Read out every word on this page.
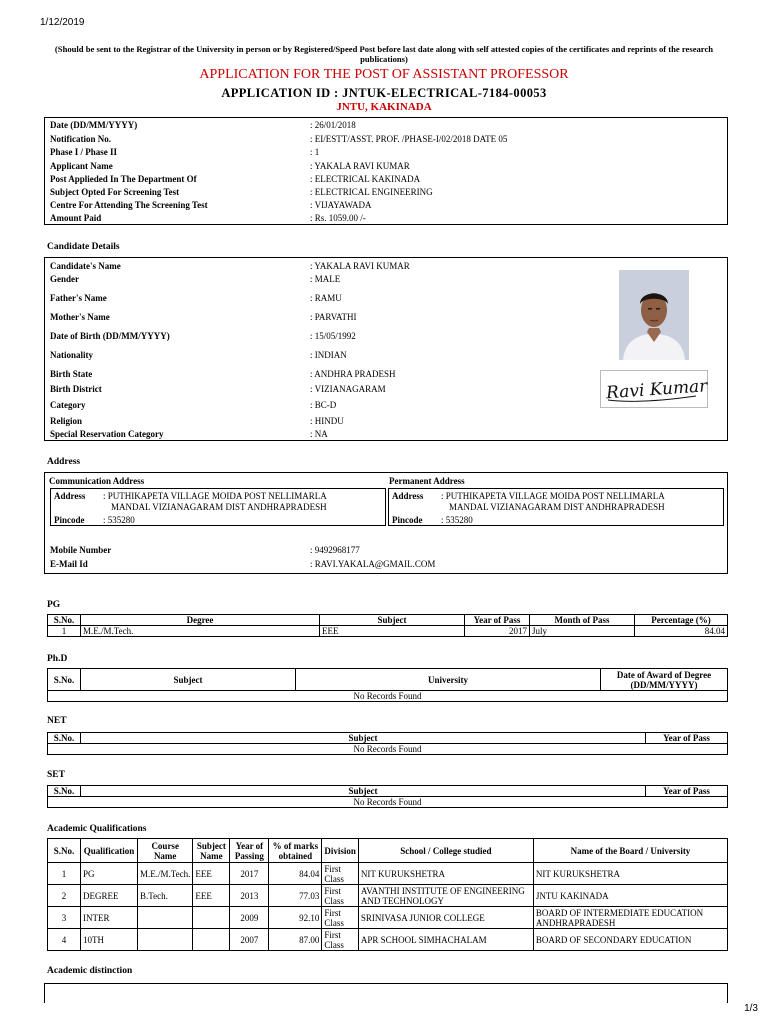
1/12/2019
(Should be sent to the Registrar of the University in person or by Registered/Speed Post before last date along with self attested copies of the certificates and reprints of the research publications)
APPLICATION FOR THE POST OF ASSISTANT PROFESSOR
APPLICATION ID : JNTUK-ELECTRICAL-7184-00053
JNTU, KAKINADA
Date (DD/MM/YYYY)	: 26/01/2018
Notification No.	: EI/ESTT/ASST. PROF. /PHASE-I/02/2018 DATE 05
Phase I / Phase II	: 1
Applicant Name	: YAKALA RAVI KUMAR
Post Applieded In The Department Of	: ELECTRICAL KAKINADA
Subject Opted For Screening Test	: ELECTRICAL ENGINEERING
Centre For Attending The Screening Test	: VIJAYAWADA
Amount Paid	: Rs. 1059.00 /-
Candidate Details
Candidate's Name	: YAKALA RAVI KUMAR
Gender	: MALE
Father's Name	: RAMU
Mother's Name	: PARVATHI
Date of Birth (DD/MM/YYYY)	: 15/05/1992
Nationality	: INDIAN
Birth State	: ANDHRA PRADESH
Birth District	: VIZIANAGARAM
Category	: BC-D
Religion	: HINDU
Special Reservation Category	: NA
Ravi Kumar
Address
Communication Address	Permanent Address
Address : PUTHIKAPETA VILLAGE MOIDA POST NELLIMARLA
MANDAL VIZIANAGARAM DIST ANDHRAPRADESH
Pincode : 535280
Address : PUTHIKAPETA VILLAGE MOIDA POST NELLIMARLA
MANDAL VIZIANAGARAM DIST ANDHRAPRADESH
Pincode : 535280
Mobile Number	: 9492968177
E-Mail Id	: RAVI.YAKALA@GMAIL.COM
PG
S.No.	Degree	Subject	Year of Pass	Month of Pass	Percentage (%)
1	M.E./M.Tech.	EEE	2017	July	84.04
Ph.D
S.No.	Subject	University	Date of Award of Degree (DD/MM/YYYY)
No Records Found
NET
S.No.	Subject	Year of Pass
No Records Found
SET
S.No.	Subject	Year of Pass
No Records Found
Academic Qualifications
S.No.	Qualification	Course Name	Subject Name	Year of Passing	% of marks obtained	Division	School / College studied	Name of the Board / University
1	PG	M.E./M.Tech.	EEE	2017	84.04	First Class	NIT KURUKSHETRA	NIT KURUKSHETRA
2	DEGREE	B.Tech.	EEE	2013	77.03	First Class	AVANTHI INSTITUTE OF ENGINEERING AND TECHNOLOGY	JNTU KAKINADA
3	INTER			2009	92.10	First Class	SRINIVASA JUNIOR COLLEGE	BOARD OF INTERMEDIATE EDUCATION ANDHRAPRADESH
4	10TH			2007	87.00	First Class	APR SCHOOL SIMHACHALAM	BOARD OF SECONDARY EDUCATION
Academic distinction
1/3
